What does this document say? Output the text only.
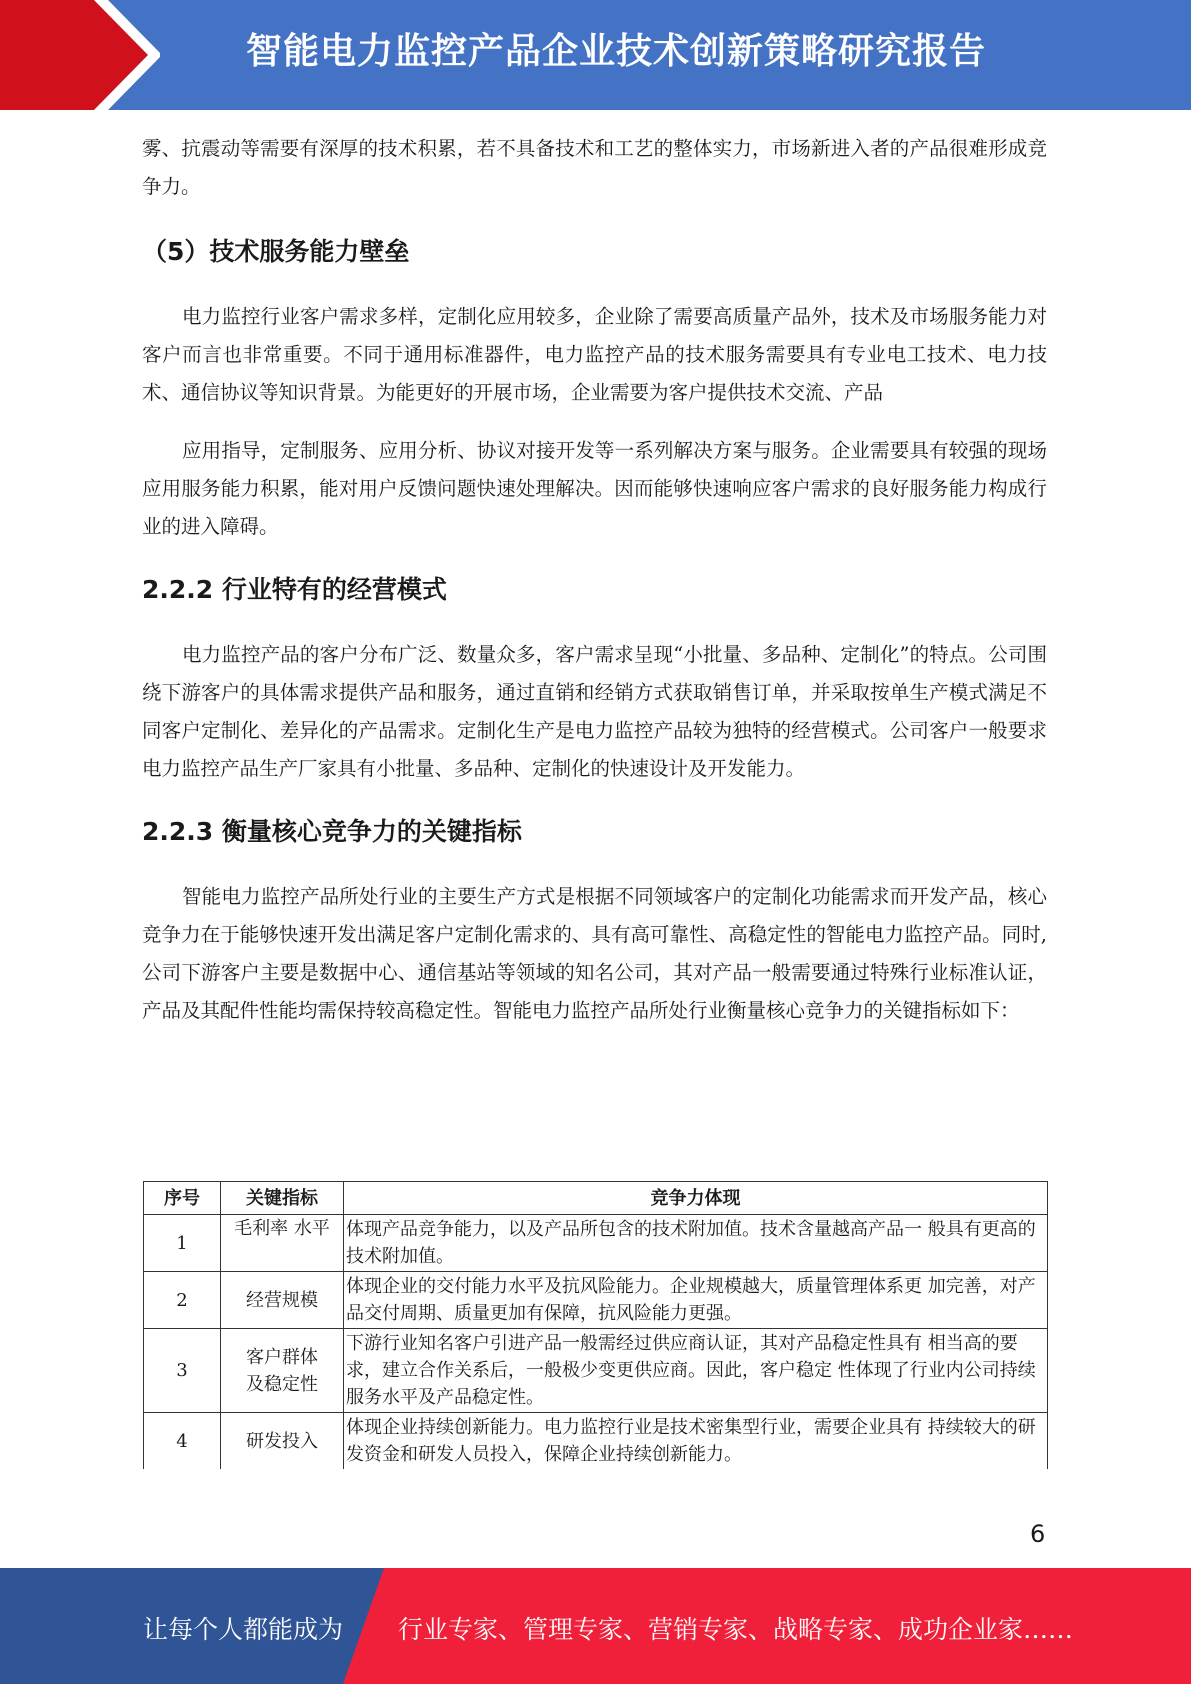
智能电力监控产品企业技术创新策略研究报告

雾、抗震动等需要有深厚的技术积累，若不具备技术和工艺的整体实力，市场新进入者的产品很难形成竞争力。

（5）技术服务能力壁垒

电力监控行业客户需求多样，定制化应用较多，企业除了需要高质量产品外，技术及市场服务能力对客户而言也非常重要。不同于通用标准器件，电力监控产品的技术服务需要具有专业电工技术、电力技术、通信协议等知识背景。为能更好的开展市场，企业需要为客户提供技术交流、产品

应用指导，定制服务、应用分析、协议对接开发等一系列解决方案与服务。企业需要具有较强的现场应用服务能力积累，能对用户反馈问题快速处理解决。因而能够快速响应客户需求的良好服务能力构成行业的进入障碍。

2.2.2 行业特有的经营模式

电力监控产品的客户分布广泛、数量众多，客户需求呈现“小批量、多品种、定制化”的特点。公司围绕下游客户的具体需求提供产品和服务，通过直销和经销方式获取销售订单，并采取按单生产模式满足不同客户定制化、差异化的产品需求。定制化生产是电力监控产品较为独特的经营模式。公司客户一般要求电力监控产品生产厂家具有小批量、多品种、定制化的快速设计及开发能力。

2.2.3 衡量核心竞争力的关键指标

智能电力监控产品所处行业的主要生产方式是根据不同领域客户的定制化功能需求而开发产品，核心竞争力在于能够快速开发出满足客户定制化需求的、具有高可靠性、高稳定性的智能电力监控产品。同时,公司下游客户主要是数据中心、通信基站等领域的知名公司，其对产品一般需要通过特殊行业标准认证，产品及其配件性能均需保持较高稳定性。智能电力监控产品所处行业衡量核心竞争力的关键指标如下：

序号	关键指标	竞争力体现
1	毛利率 水平	体现产品竞争能力，以及产品所包含的技术附加值。技术含量越高产品一 般具有更高的技术附加值。
2	经营规模	体现企业的交付能力水平及抗风险能力。企业规模越大，质量管理体系更 加完善，对产品交付周期、质量更加有保障，抗风险能力更强。
3	客户群体及稳定性	下游行业知名客户引进产品一般需经过供应商认证，其对产品稳定性具有 相当高的要求，建立合作关系后，一般极少变更供应商。因此，客户稳定 性体现了行业内公司持续服务水平及产品稳定性。
4	研发投入	体现企业持续创新能力。电力监控行业是技术密集型行业，需要企业具有 持续较大的研发资金和研发人员投入，保障企业持续创新能力。
6
让每个人都能成为 行业专家、管理专家、营销专家、战略专家、成功企业家……
